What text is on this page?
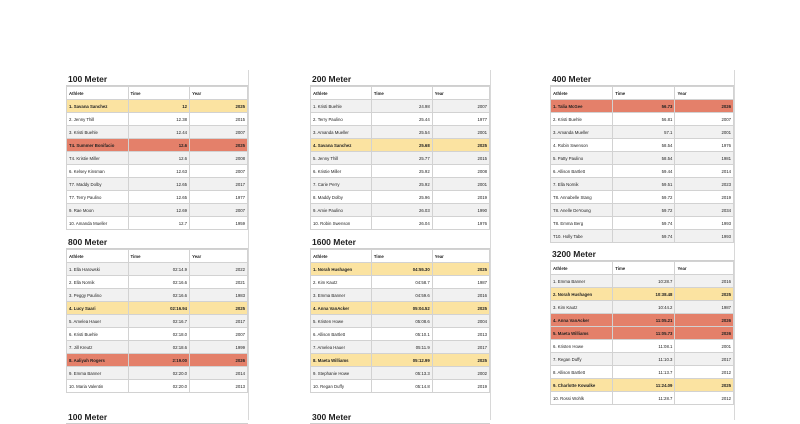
100 Meter
Athlete	Time	Year
1. Savana Sanchez	12	2025
2. Jenny Thill	12.38	2015
3. Kristi Buehle	12.44	2007
T4. Summer Bonifacio	12.6	2025
T4. Kristie Miller	12.6	2008
6. Kelsey Kinsman	12.63	2007
T7. Maddy Dolby	12.65	2017
T7. Terry Paulino	12.65	1977
9. Rae Moon	12.69	2007
10. Amanda Mueller	12.7	1959
200 Meter
Athlete	Time	Year
1. Kristi Buehle	24.98	2007
2. Terry Paulino	25.44	1977
3. Amanda Mueller	25.54	2001
4. Savana Sanchez	25.68	2025
5. Jenny Thill	25.77	2015
6. Kristie Miller	25.92	2008
7. Carie Perry	25.92	2001
8. Maddy Dolby	25.96	2019
9. Amie Paulino	26.03	1990
10. Robin Swenson	26.04	1976
400 Meter
Athlete	Time	Year
1. Talia McGee	56.73	2026
2. Kristi Buehle	56.81	2007
3. Amanda Mueller	57.1	2001
4. Robin Swenson	58.54	1976
5. Patty Paulino	58.54	1981
6. Allison Bartlett	59.44	2014
7. Ella Nornik	59.51	2023
T8. Annabelle Stang	59.72	2019
T8. Anelle DeYoung	59.72	2034
T8. Emma Berg	59.74	1993
T10. Holly Tabe	59.74	1993
800 Meter
Athlete	Time	Year
1. Ella Harowski	02:14.9	2022
2. Ella Nornik	02:16.6	2021
3. Peggy Paulino	02:16.6	1983
4. Lucy Saari	02:16.94	2025
5. Amelea Hauer	02:16.7	2017
6. Kristi Buehle	02:18.0	2007
7. Jill Kreutz	02:18.6	1999
8. Aaliyah Rogers	2:19.00	2026
9. Emma Banner	02:20.0	2014
10. Maria Valentin	02:20.0	2013
1600 Meter
Athlete	Time	Year
1. Norah Hushagen	04:55.30	2025
2. Kim Kautz	04:58.7	1987
3. Emma Banner	04:59.6	2016
4. Anna VanAcker	05:04.52	2025
5. Kristen Howe	05:08.6	2004
6. Allison Bartlett	05:10.1	2013
7. Amelea Hauer	05:11.9	2017
8. Maeta Williams	05:12.99	2025
9. Stephanie Howe	05:13.3	2002
10. Regan Duffy	05:14.8	2019
3200 Meter
Athlete	Time	Year
1. Emma Banner	10:28.7	2016
2. Norah Hushagen	10:38.48	2025
3. Kim Kautz	10:44.2	1987
4. Anna VanAcker	11:05.21	2026
5. Maeta Williams	11:05.73	2026
6. Kristen Howe	11:08.1	2001
7. Regan Duffy	11:10.3	2017
8. Allison Bartlett	11:13.7	2012
9. Charlotte Kowalke	11:24.09	2025
10. Rossi Wohlk	11:28.7	2012
100 Meter	300 Meter
